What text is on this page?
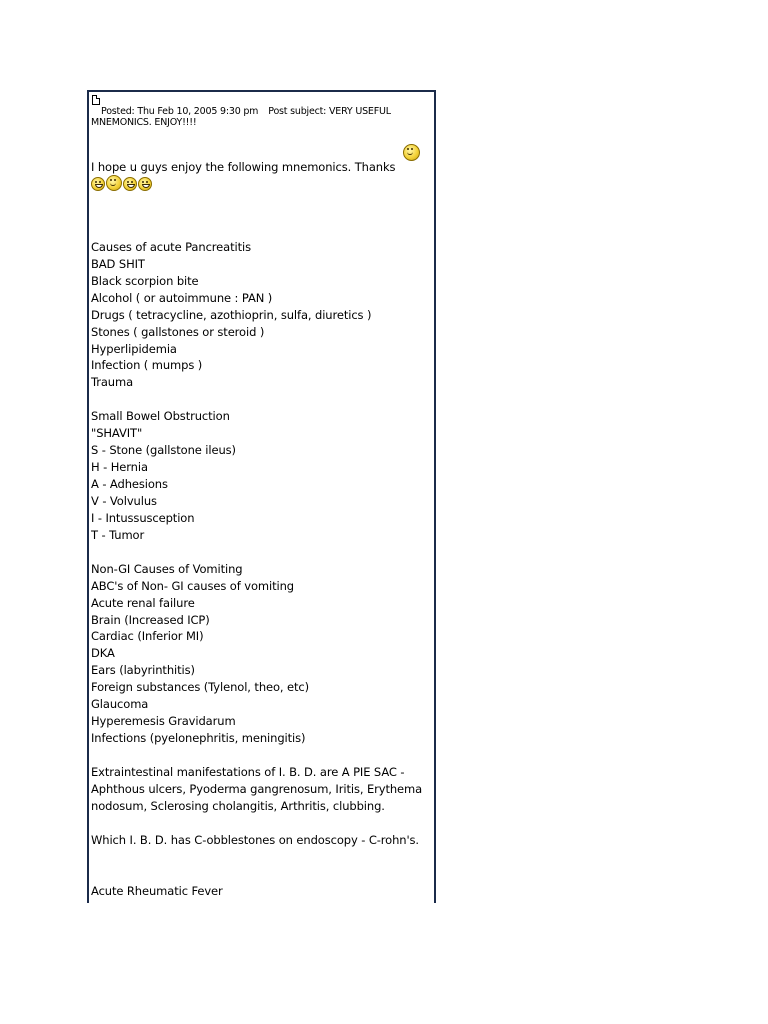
Posted: Thu Feb 10, 2005 9:30 pm Post subject: VERY USEFUL
MNEMONICS. ENJOY!!!!
I hope u guys enjoy the following mnemonics. Thanks
Causes of acute Pancreatitis
BAD SHIT
Black scorpion bite
Alcohol ( or autoimmune : PAN )
Drugs ( tetracycline, azothioprin, sulfa, diuretics )
Stones ( gallstones or steroid )
Hyperlipidemia
Infection ( mumps )
Trauma
Small Bowel Obstruction
"SHAVIT"
S - Stone (gallstone ileus)
H - Hernia
A - Adhesions
V - Volvulus
I - Intussusception
T - Tumor
Non-GI Causes of Vomiting
ABC's of Non- GI causes of vomiting
Acute renal failure
Brain (Increased ICP)
Cardiac (Inferior MI)
DKA
Ears (labyrinthitis)
Foreign substances (Tylenol, theo, etc)
Glaucoma
Hyperemesis Gravidarum
Infections (pyelonephritis, meningitis)
Extraintestinal manifestations of I. B. D. are A PIE SAC -
Aphthous ulcers, Pyoderma gangrenosum, Iritis, Erythema
nodosum, Sclerosing cholangitis, Arthritis, clubbing.
Which I. B. D. has C-obblestones on endoscopy - C-rohn's.
Acute Rheumatic Fever
